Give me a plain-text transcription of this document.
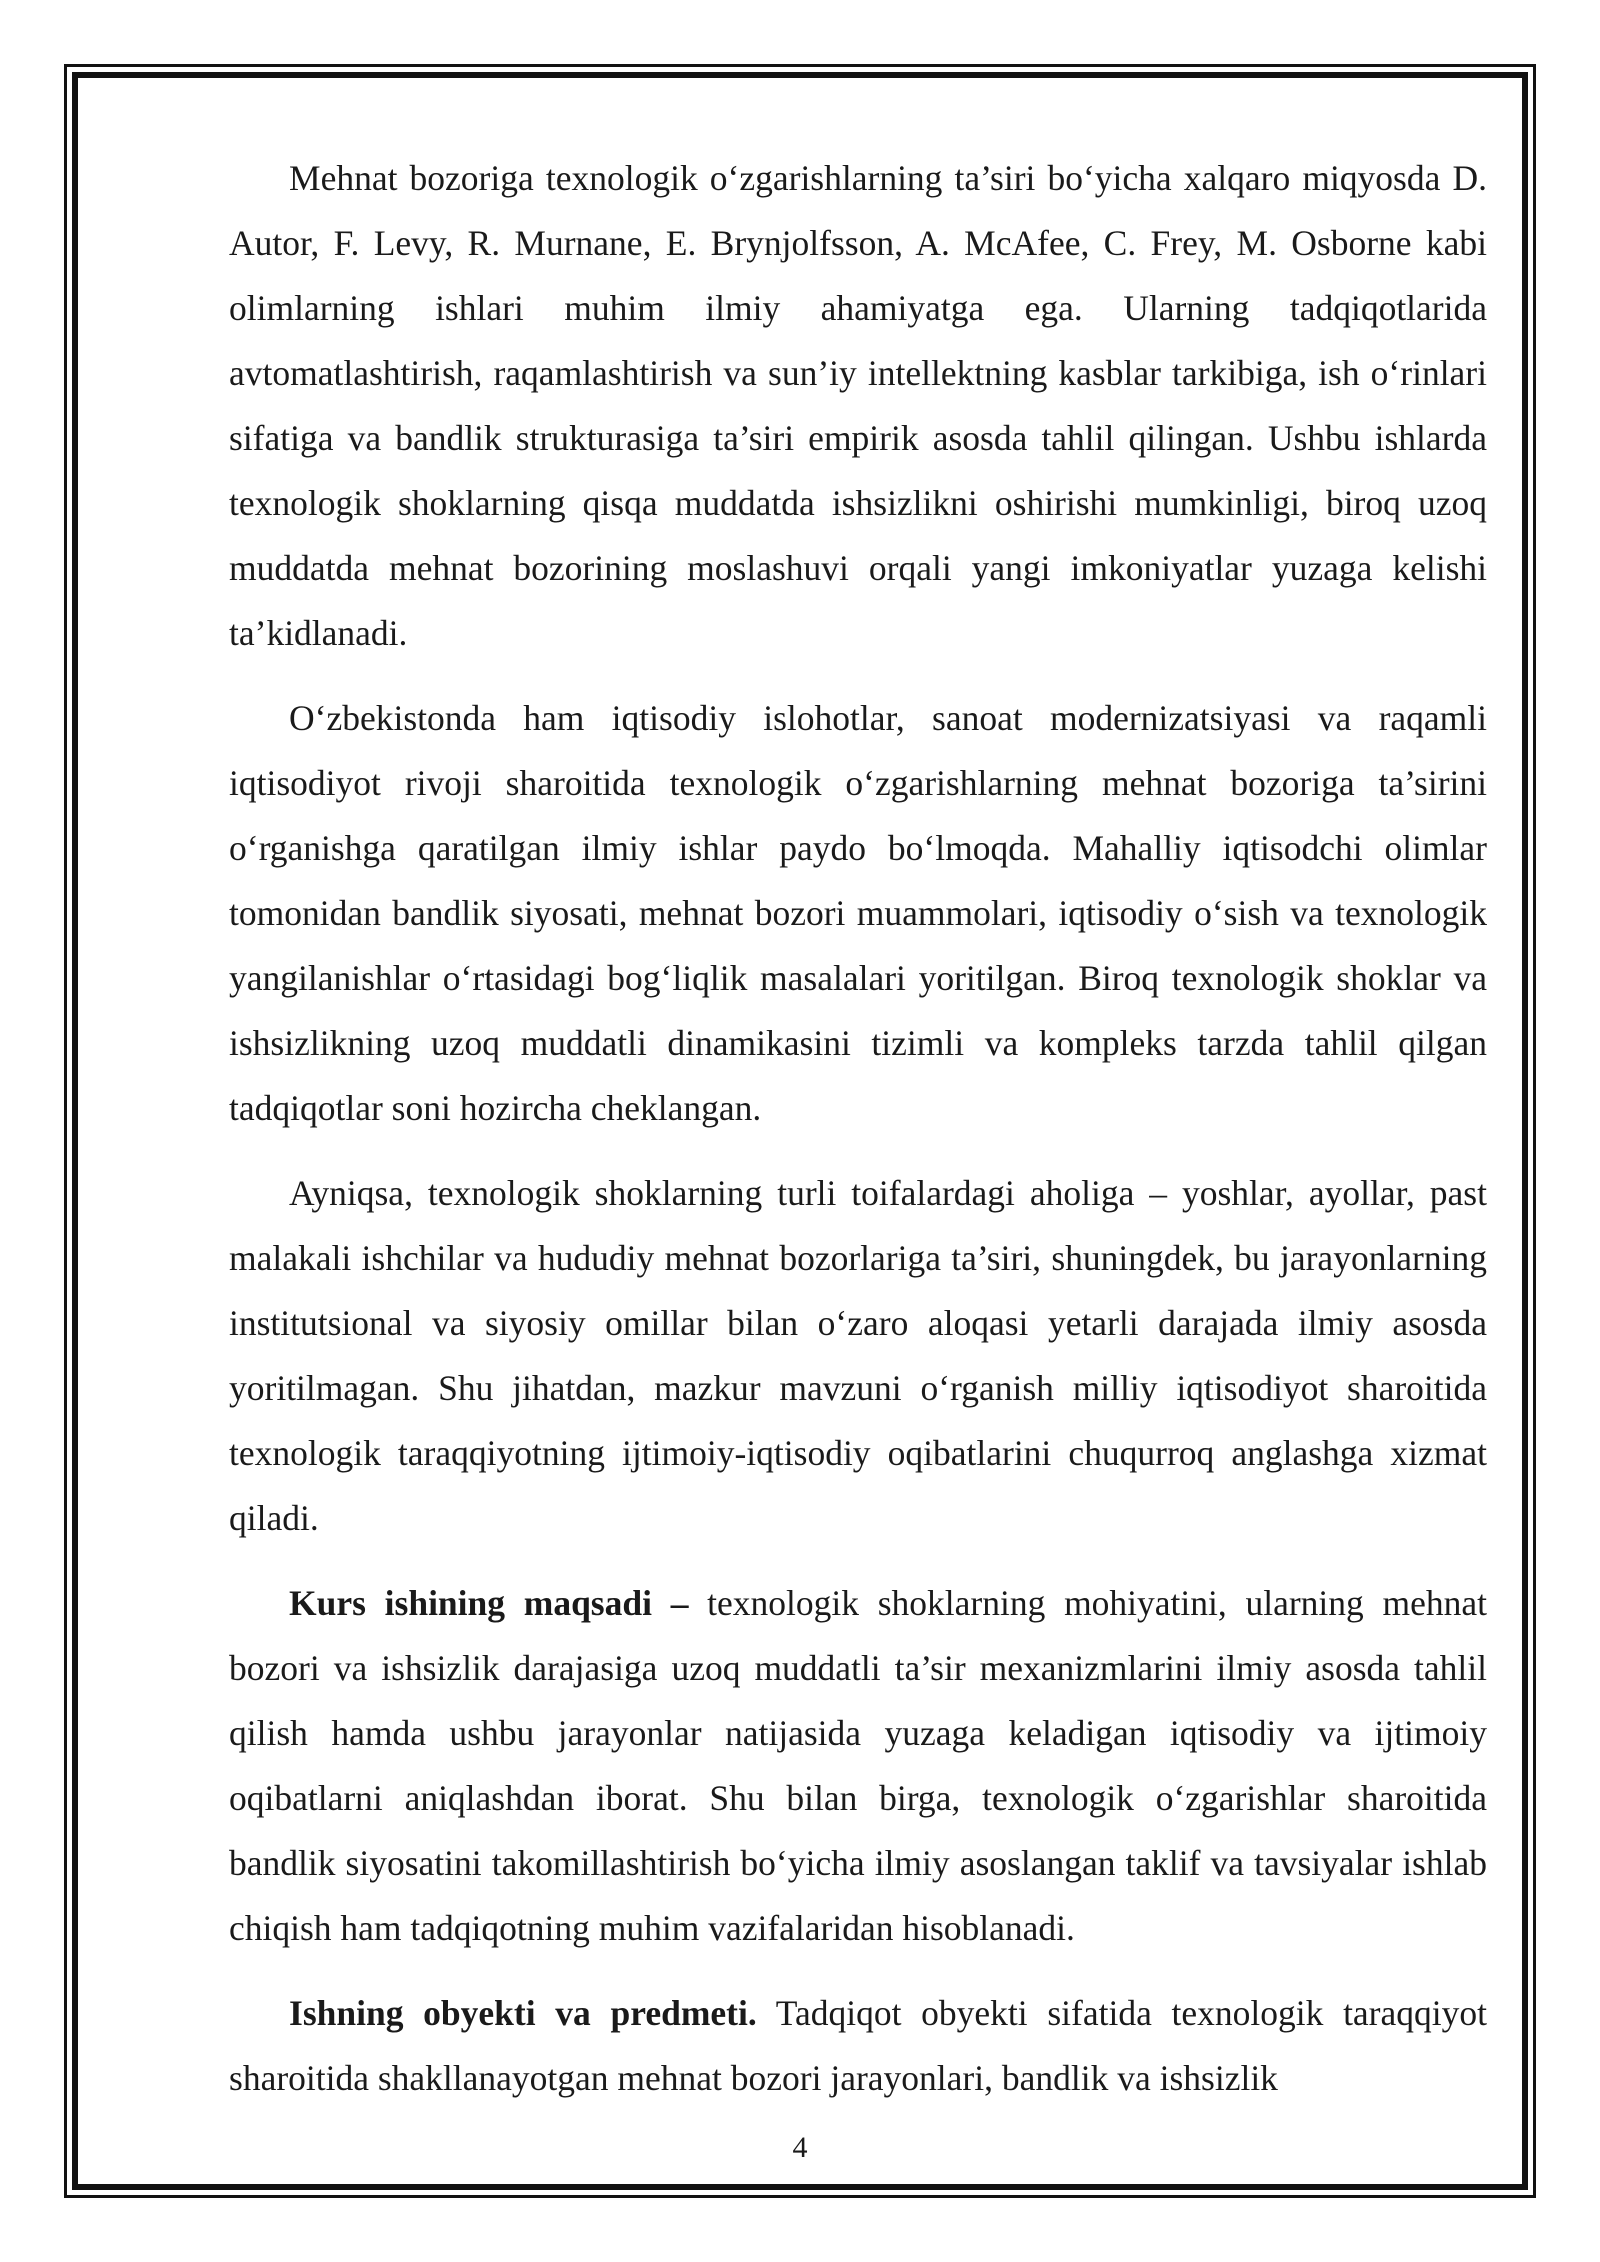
Mehnat bozoriga texnologik o‘zgarishlarning ta’siri bo‘yicha xalqaro miqyosda D. Autor, F. Levy, R. Murnane, E. Brynjolfsson, A. McAfee, C. Frey, M. Osborne kabi olimlarning ishlari muhim ilmiy ahamiyatga ega. Ularning tadqiqotlarida avtomatlashtirish, raqamlashtirish va sun’iy intellektning kasblar tarkibiga, ish o‘rinlari sifatiga va bandlik strukturasiga ta’siri empirik asosda tahlil qilingan. Ushbu ishlarda texnologik shoklarning qisqa muddatda ishsizlikni oshirishi mumkinligi, biroq uzoq muddatda mehnat bozorining moslashuvi orqali yangi imkoniyatlar yuzaga kelishi ta’kidlanadi.

O‘zbekistonda ham iqtisodiy islohotlar, sanoat modernizatsiyasi va raqamli iqtisodiyot rivoji sharoitida texnologik o‘zgarishlarning mehnat bozoriga ta’sirini o‘rganishga qaratilgan ilmiy ishlar paydo bo‘lmoqda. Mahalliy iqtisodchi olimlar tomonidan bandlik siyosati, mehnat bozori muammolari, iqtisodiy o‘sish va texnologik yangilanishlar o‘rtasidagi bog‘liqlik masalalari yoritilgan. Biroq texnologik shoklar va ishsizlikning uzoq muddatli dinamikasini tizimli va kompleks tarzda tahlil qilgan tadqiqotlar soni hozircha cheklangan.

Ayniqsa, texnologik shoklarning turli toifalardagi aholiga – yoshlar, ayollar, past malakali ishchilar va hududiy mehnat bozorlariga ta’siri, shuningdek, bu jarayonlarning institutsional va siyosiy omillar bilan o‘zaro aloqasi yetarli darajada ilmiy asosda yoritilmagan. Shu jihatdan, mazkur mavzuni o‘rganish milliy iqtisodiyot sharoitida texnologik taraqqiyotning ijtimoiy-iqtisodiy oqibatlarini chuqurroq anglashga xizmat qiladi.

Kurs ishining maqsadi – texnologik shoklarning mohiyatini, ularning mehnat bozori va ishsizlik darajasiga uzoq muddatli ta’sir mexanizmlarini ilmiy asosda tahlil qilish hamda ushbu jarayonlar natijasida yuzaga keladigan iqtisodiy va ijtimoiy oqibatlarni aniqlashdan iborat. Shu bilan birga, texnologik o‘zgarishlar sharoitida bandlik siyosatini takomillashtirish bo‘yicha ilmiy asoslangan taklif va tavsiyalar ishlab chiqish ham tadqiqotning muhim vazifalaridan hisoblanadi.

Ishning obyekti va predmeti. Tadqiqot obyekti sifatida texnologik taraqqiyot sharoitida shakllanayotgan mehnat bozori jarayonlari, bandlik va ishsizlik

4
